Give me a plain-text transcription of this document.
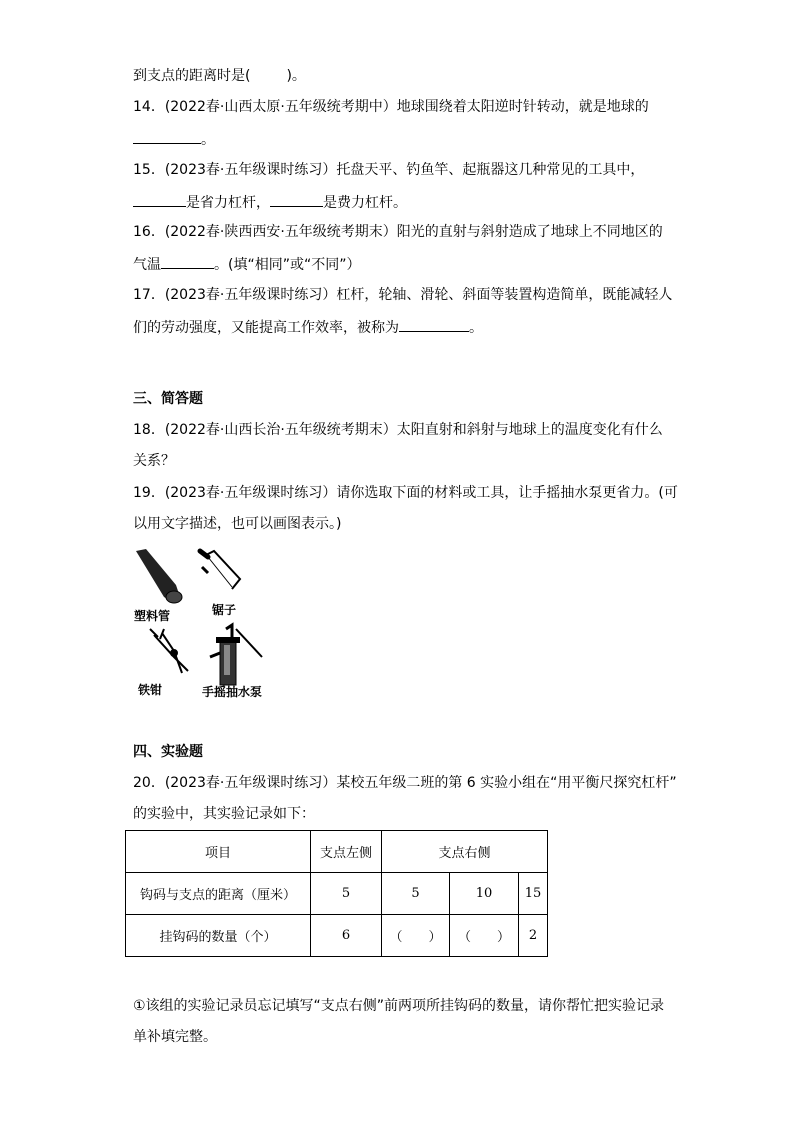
到支点的距离时是(	)。
14．(2022春·山西太原·五年级统考期中）地球围绕着太阳逆时针转动，就是地球的
。
15．(2023春·五年级课时练习）托盘天平、钓鱼竿、起瓶器这几种常见的工具中，
是省力杠杆，	是费力杠杆。
16．(2022春·陕西西安·五年级统考期末）阳光的直射与斜射造成了地球上不同地区的
气温	。(填“相同”或“不同”）
17．(2023春·五年级课时练习）杠杆，轮轴、滑轮、斜面等装置构造简单，既能减轻人
们的劳动强度，又能提高工作效率，被称为	。
三、简答题
18．(2022春·山西长治·五年级统考期末）太阳直射和斜射与地球上的温度变化有什么
关系？
19．(2023春·五年级课时练习）请你选取下面的材料或工具，让手摇抽水泵更省力。(可
以用文字描述，也可以画图表示。)
塑料管	锯子
铁钳	手摇抽水泵
四、实验题
20．(2023春·五年级课时练习）某校五年级二班的第 6 实验小组在“用平衡尺探究杠杆”
的实验中，其实验记录如下：
项目	支点左侧	支点右侧		
钩码与支点的距离（厘米）	5	5	10	15
挂钩码的数量（个）	6	（　　）	（　　）	2
①该组的实验记录员忘记填写“支点右侧”前两项所挂钩码的数量，请你帮忙把实验记录
单补填完整。
